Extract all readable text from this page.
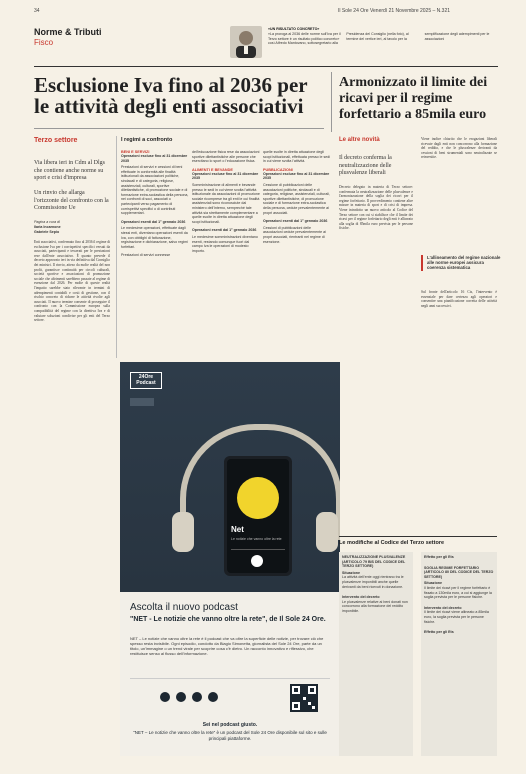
34	Il Sole 24 Ore Venerdì 21 Novembre 2025 – N.321
Norme & Tributi
Fisco
«UN RISULTATO CONCRETO»
«La proroga al 2036 delle norme sull'Iva per il Terzo settore è un risultato politico concreto» così Alfredo Mantovano, sottosegretario alla Presidenza del Consiglio (nella foto), al termine del vertice ieri, al tavolo per la semplificazione degli adempimenti per le associazioni
Esclusione Iva fino al 2036 per le attività degli enti associativi
Armonizzato il limite dei ricavi per il regime forfettario a 85mila euro
Terzo settore
Via libera ieri in Cdm al Dlgs che contiene anche norme su sport e crisi d'impresa
Un rinvio che allarga l'orizzonte del confronto con la Commissione Ue
Pagina a cura di
Ilaria Incarnone
Gabriele Sepio
Enti associativi, confermato fino al 2036 il regime di esclusione Iva per i corrispettivi specifici versati da associati, partecipanti e tesserati per le prestazioni rese dall'ente associativo. È quanto prevede il decreto approvato ieri in via definitiva dal Consiglio dei ministri. Il rinvio, atteso da molte realtà del non profit, garantisce continuità per circoli culturali, società sportive e associazioni di promozione sociale che altrimenti sarebbero passate al regime di esenzione dal 2026. Per molte di queste realtà l'impatto sarebbe stato rilevante in termini di adempimenti contabili e costi di gestione, con il rischio concreto di ridurre le attività rivolte agli associati. Il nuovo termine consente di proseguire il confronto con la Commissione europea sulla compatibilità del regime con la direttiva Iva e di valutare soluzioni condivise per gli enti del Terzo settore.
I regimi a confronto
BENI E SERVIZI
Operazioni escluse fino al 31 dicembre 2035
Prestazioni di servizi e cessioni di beni effettuate in conformità alle finalità istituzionali da associazioni politiche, sindacali e di categoria, religiose, assistenziali, culturali, sportive dilettantistiche, di promozione sociale e di formazione extra-scolastica della persona, nei confronti di soci, associati o partecipanti verso pagamento di corrispettivi specifici o di contributi supplementari.
Operazioni esenti dal 1° gennaio 2036
Le medesime operazioni, effettuate dagli stessi enti, diventano operazioni esenti da Iva, con obblighi di fatturazione, registrazione e dichiarazione, salvo regimi forfettari.
Prestazioni di servizi connesse
dell'educazione fisica rese da associazioni sportive dilettantistiche alle persone che esercitano lo sport o l'educazione fisica.
ALIMENTI E BEVANDE
Operazioni escluse fino al 31 dicembre 2035
Somministrazione di alimenti e bevande presso le sedi in cui viene svolta l'attività istituzionale da associazioni di promozione sociale ricomprese tra gli enti le cui finalità assistenziali sono riconosciute dal ministero dell'Interno, sempreché tale attività sia strettamente complementare a quelle svolte in diretta attuazione degli scopi istituzionali.
Operazioni esenti dal 1° gennaio 2036
Le medesime somministrazioni diventano esenti, restando comunque fuori dal campo Iva le operazioni di modesto importo.
quelle svolte in diretta attuazione degli scopi istituzionali, effettuata presso le sedi in cui viene svolta l'attività.
PUBBLICAZIONI
Operazioni escluse fino al 31 dicembre 2035
Cessione di pubblicazioni delle associazioni politiche, sindacali e di categoria, religiose, assistenziali, culturali, sportive dilettantistiche, di promozione sociale e di formazione extra-scolastica della persona, cedute prevalentemente ai propri associati.
Operazioni esenti dal 1° gennaio 2036
Cessioni di pubblicazioni delle associazioni cedute prevalentemente ai propri associati, rientranti nel regime di esenzione.
24Ore Podcast
Net
Le notizie che vanno oltre la rete
Ascolta il nuovo podcast
"NET - Le notizie che vanno oltre la rete", de Il Sole 24 Ore.
NET – Le notizie che vanno oltre la rete è il podcast che va oltre la superficie delle notizie, per trovare ciò che spesso resta invisibile. Ogni episodio, condotto da Biagio Simonetta, giornalista del Sole 24 Ore, parte da un titolo, un'immagine o un trend virale per scoprire cosa c'è dietro. Un racconto innovativo e riflessivo, che restituisce senso al flusso dell'informazione.
Sei nel podcast giusto.
"NET – Le notizie che vanno oltre la rete" è un podcast del Sole 24 Ore disponibile sul sito e sulle principali piattaforme.
Le altre novità
Il decreto conferma la neutralizzazione delle plusvalenze liberali
Decreto delegato in materia di Terzo settore: confermata la neutralizzazione delle plusvalenze e l'armonizzazione della soglia dei ricavi per il regime forfettario. Il provvedimento contiene altre misure in materia di sport e di crisi di impresa. Viene introdotto un nuovo articolo al Codice del Terzo settore con cui si stabilisce che il limite dei ricavi per il regime forfettario degli enti è allineato alla soglia di 85mila euro prevista per le persone fisiche.
Viene inoltre chiarito che le erogazioni liberali ricevute dagli enti non concorrono alla formazione del reddito, e che le plusvalenze derivanti da cessioni di beni strumentali sono neutralizzate se reinvestite.
L'allineamento del regime nazionale alle norme europei assicura coerenza sistematica
Sul fronte dell'articolo 16 Cts, l'intervento è essenziale per dare certezza agli operatori e consentire una pianificazione corretta delle attività negli anni successivi.
Le modifiche al Codice del Terzo settore
NEUTRALIZZAZIONE PLUSVALENZE (ARTICOLO 79 BIS DEL CODICE DEL TERZO SETTORE)
Situazione
La attività dell'ente oggi rientrano tra le plusvalenze imponibili anche quelle derivanti da beni ricevuti in donazione.
Intervento del decreto
Le plusvalenze relative ai beni donati non concorrono alla formazione del reddito imponibile.
Effetto per gli Ets
SOGLIA REGIME FORFETTARIO (ARTICOLO 80 DEL CODICE DEL TERZO SETTORE)
Situazione
Il limite dei ricavi per il regime forfettario è fissato a 130mila euro, a cui si aggiunge la soglia prevista per le persone fisiche.
Intervento del decreto
Il limite dei ricavi viene allineato a 85mila euro, la soglia prevista per le persone fisiche.
Effetto per gli Ets
